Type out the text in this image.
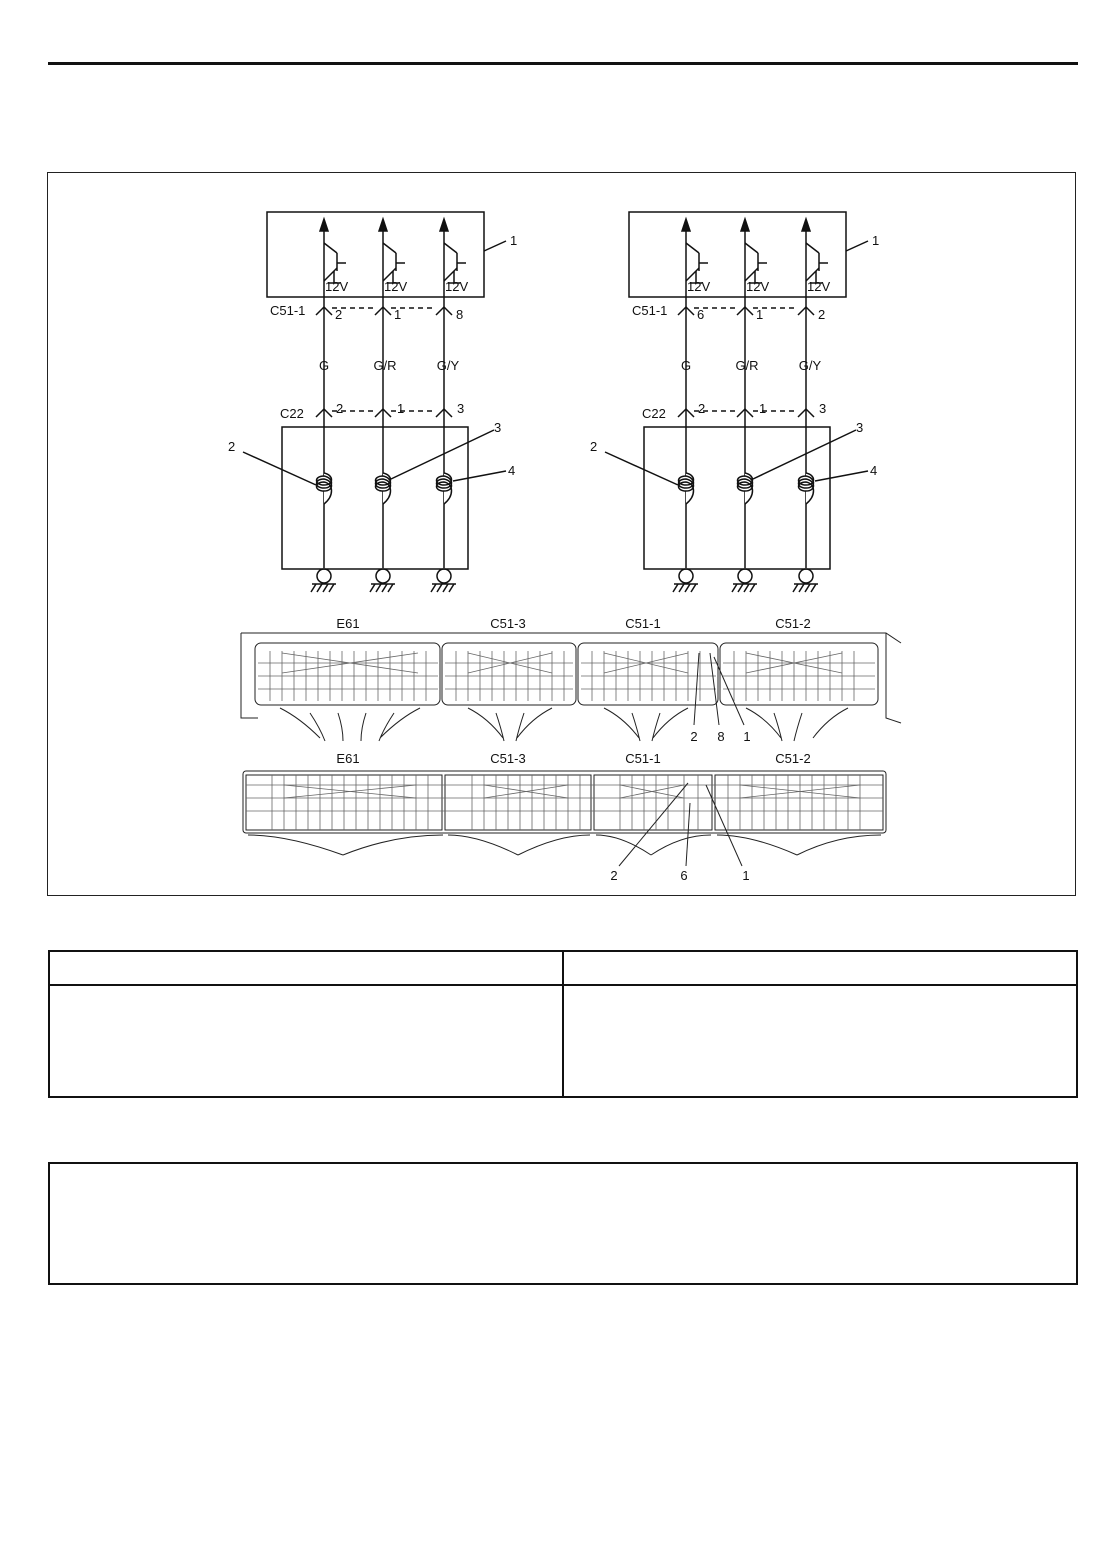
1
12V	12V	12V
C51-1 2	1	8
G	G/R	G/Y
C22 2	1	3
2
3
4
1
12V	12V	12V
C51-1 6	1	2
G	G/R	G/Y
C22 2	1	3
2
3
4
E61	C51-3	C51-1	C51-2
2 8 1
E61	C51-3	C51-1	C51-2
2	6	1
